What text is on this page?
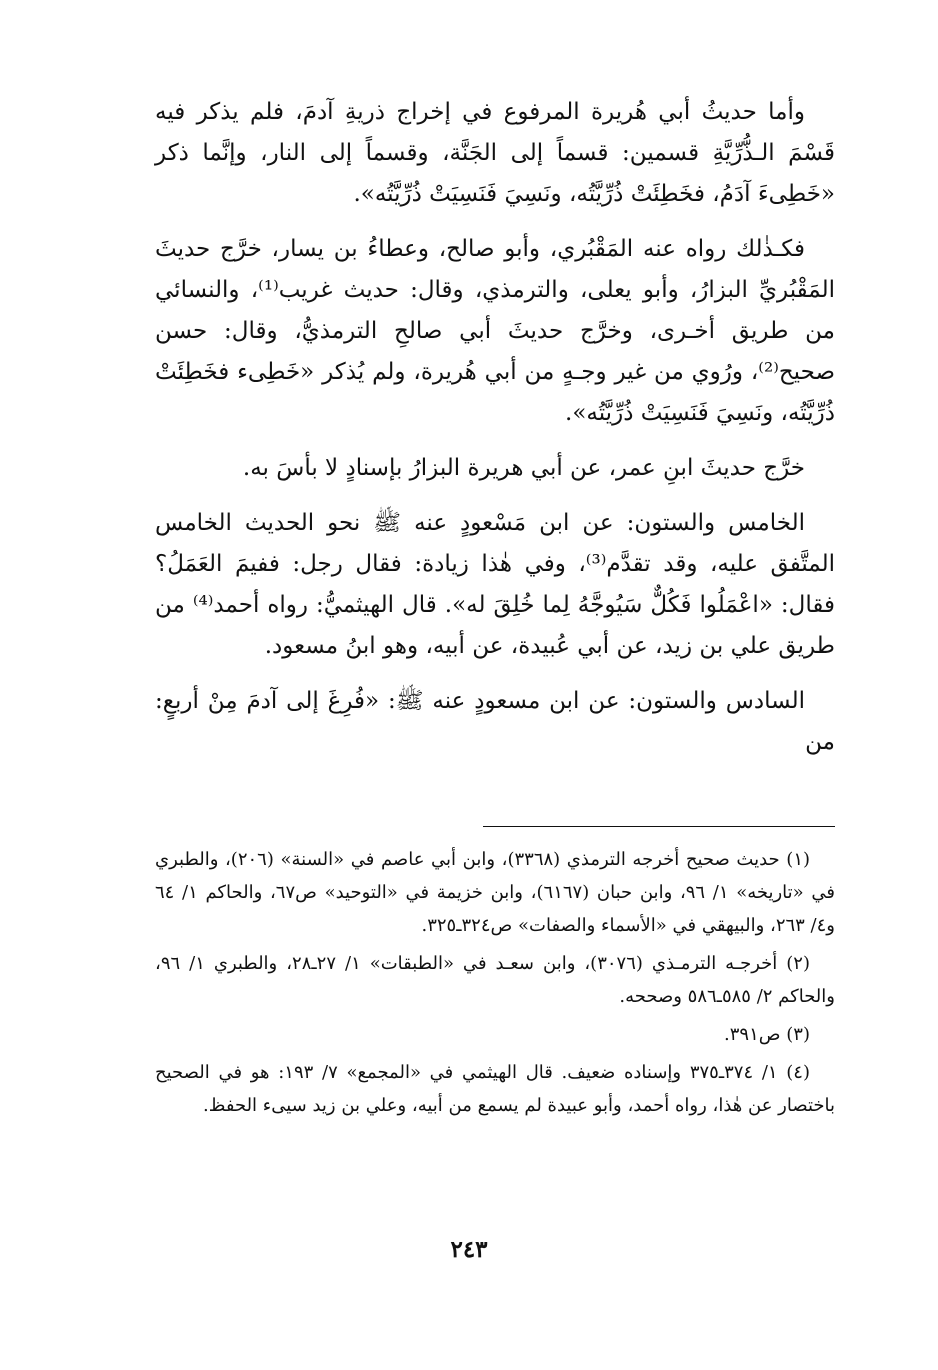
وأما حديثُ أبي هُريرة المرفوع في إخراج ذريةِ آدمَ، فلم يذكر فيه قَسْمَ الـذُّرِّيَّةِ قسمين: قسماً إلى الجَنَّة، وقسماً إلى النار، وإنَّما ذكر «خَطِىءَ آدَمُ، فخَطِئَتْ ذُرِّيَّتُه، ونَسِيَ فَنَسِيَتْ ذُرِّيَّتُه».

فكـذٰلك رواه عنه المَقْبُري، وأبو صالح، وعطاءُ بن يسار، خرَّج حديثَ المَقْبُريِّ البزارُ، وأبو يعلى، والترمذي، وقال: حديث غريب⁽¹⁾، والنسائي من طريق أخـرى، وخرَّج حديثَ أبي صالحِ الترمذيُّ، وقال: حسن صحيح⁽²⁾، ورُوي من غير وجـهٍ من أبي هُريرة، ولم يُذكر «خَطِىء فخَطِئَتْ ذُرِّيَّتُه، ونَسِيَ فَنَسِيَتْ ذُرِّيَّتُه».

خرَّج حديثَ ابنِ عمر، عن أبي هريرة البزارُ بإسنادٍ لا بأسَ به.

الخامس والستون: عن ابن مَسْعودٍ عنه ﷺ نحو الحديث الخامس المتَّفق عليه، وقد تقدَّم⁽³⁾، وفي هٰذا زيادة: فقال رجل: ففيمَ العَمَلُ؟ فقال: «اعْمَلُوا فَكُلٌّ سَيُوجَّهُ لِما خُلِقَ له». قال الهيثميُّ: رواه أحمد⁽⁴⁾ من طريق علي بن زيد، عن أبي عُبيدة، عن أبيه، وهو ابنُ مسعود.

السادس والستون: عن ابن مسعودٍ عنه ﷺ: «فُرِغَ إلى آدمَ مِنْ أربعٍ: من

(١) حديث صحيح أخرجه الترمذي (٣٣٦٨)، وابن أبي عاصم في «السنة» (٢٠٦)، والطبري في «تاريخه» ١/ ٩٦، وابن حبان (٦١٦٧)، وابن خزيمة في «التوحيد» ص٦٧، والحاكم ١/ ٦٤ و٤/ ٢٦٣، والبيهقي في «الأسماء والصفات» ص٣٢٤ـ٣٢٥.

(٢) أخرجـه الترمـذي (٣٠٧٦)، وابن سعـد في «الطبقات» ١/ ٢٧ـ٢٨، والطبري ١/ ٩٦، والحاكم ٢/ ٥٨٥ـ٥٨٦ وصححه.

(٣) ص٣٩١.

(٤) ١/ ٣٧٤ـ٣٧٥ وإسناده ضعيف. قال الهيثمي في «المجمع» ٧/ ١٩٣: هو في الصحيح باختصار عن هٰذا، رواه أحمد، وأبو عبيدة لم يسمع من أبيه، وعلي بن زيد سيىء الحفظ.

٢٤٣
